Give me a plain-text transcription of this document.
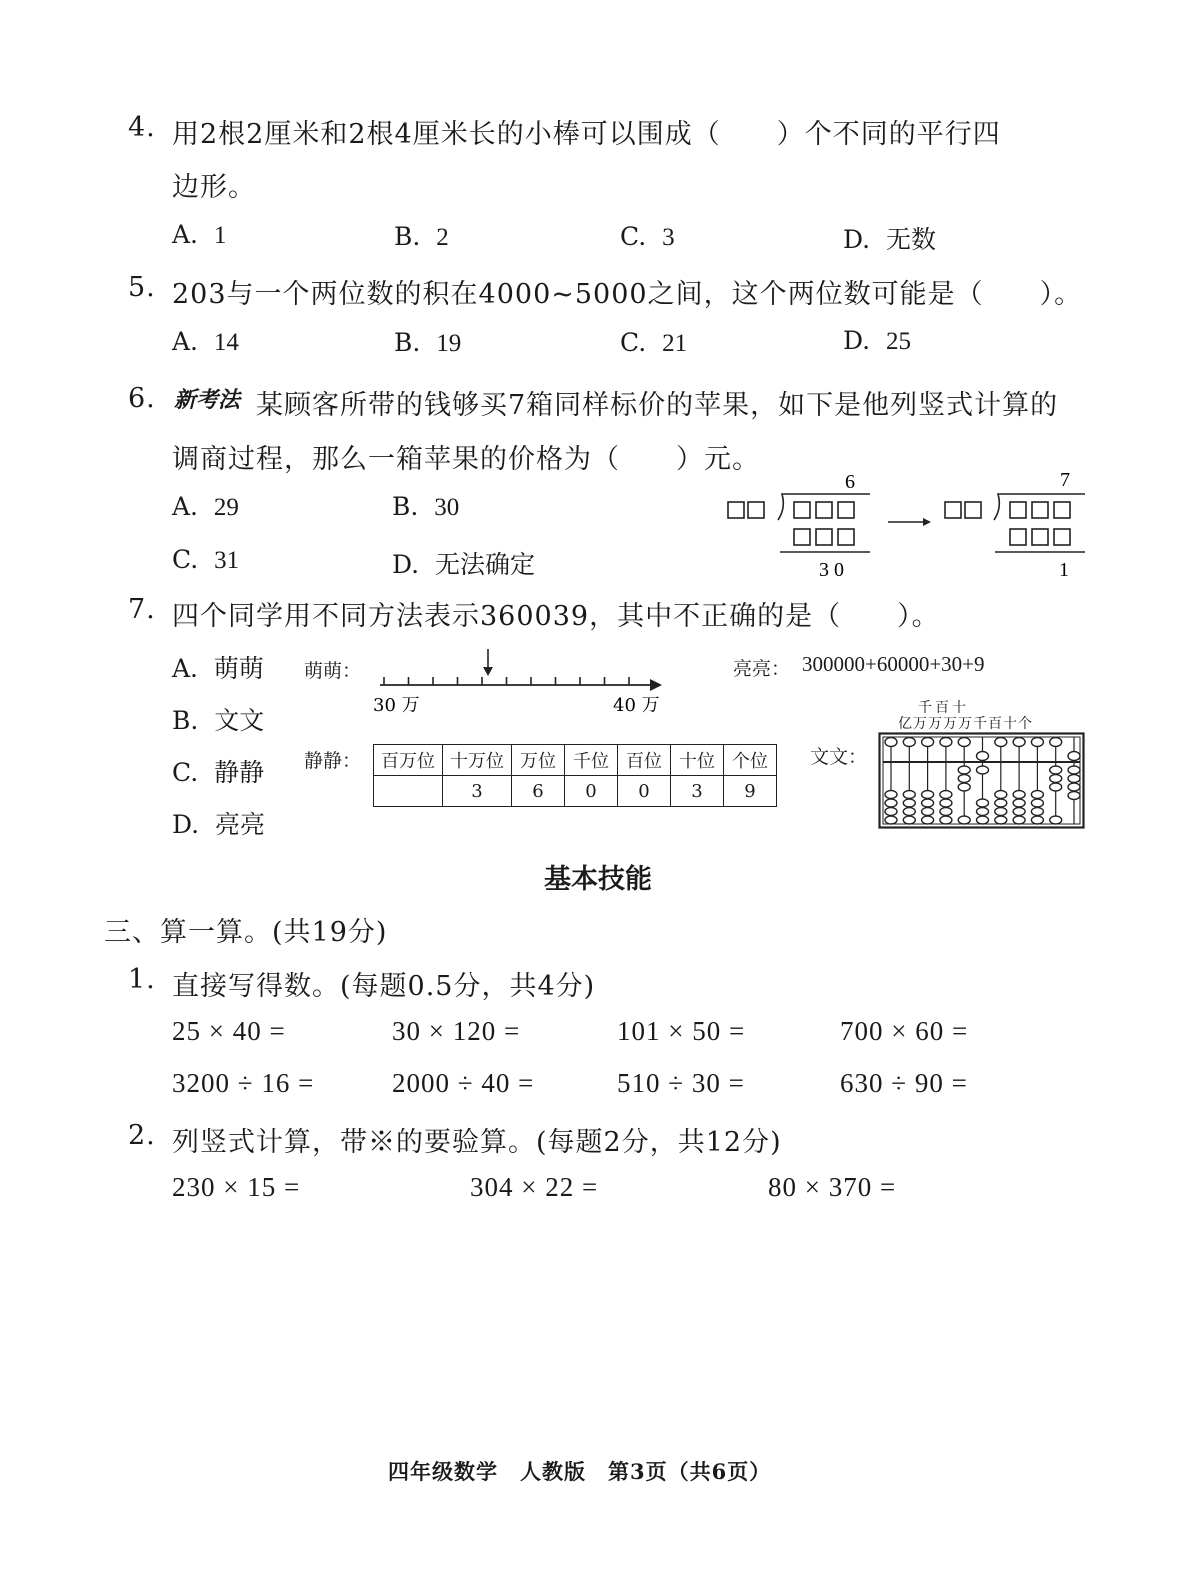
4. 用2根2厘米和2根4厘米长的小棒可以围成（　　）个不同的平行四
边形。
A. 1	B. 2	C. 3	D. 无数
5. 203与一个两位数的积在4000~5000之间，这个两位数可能是（　　）。
A. 14	B. 19	C. 21	D. 25
6. 新考法 某顾客所带的钱够买7箱同样标价的苹果，如下是他列竖式计算的
调商过程，那么一箱苹果的价格为（　　）元。
A. 29	B. 30
C. 31	D. 无法确定
6
3 0
7
1
7. 四个同学用不同方法表示360039，其中不正确的是（　　）。
A. 萌萌
B. 文文
C. 静静
D. 亮亮
萌萌：
30 万	40 万
亮亮： 300000+60000+30+9
静静： 百万位	十万位	万位	千位	百位	十位	个位
	3	6	0	0	3	9
文文：
千百十
亿万万万万千百十个
基本技能
三、算一算。(共19分)
1. 直接写得数。(每题0.5分，共4分)
25 × 40 =	30 × 120 =	101 × 50 =	700 × 60 =
3200 ÷ 16 =	2000 ÷ 40 =	510 ÷ 30 =	630 ÷ 90 =
2. 列竖式计算，带※的要验算。(每题2分，共12分)
230 × 15 =	304 × 22 =	80 × 370 =
四年级数学　人教版　第3页（共6页）
